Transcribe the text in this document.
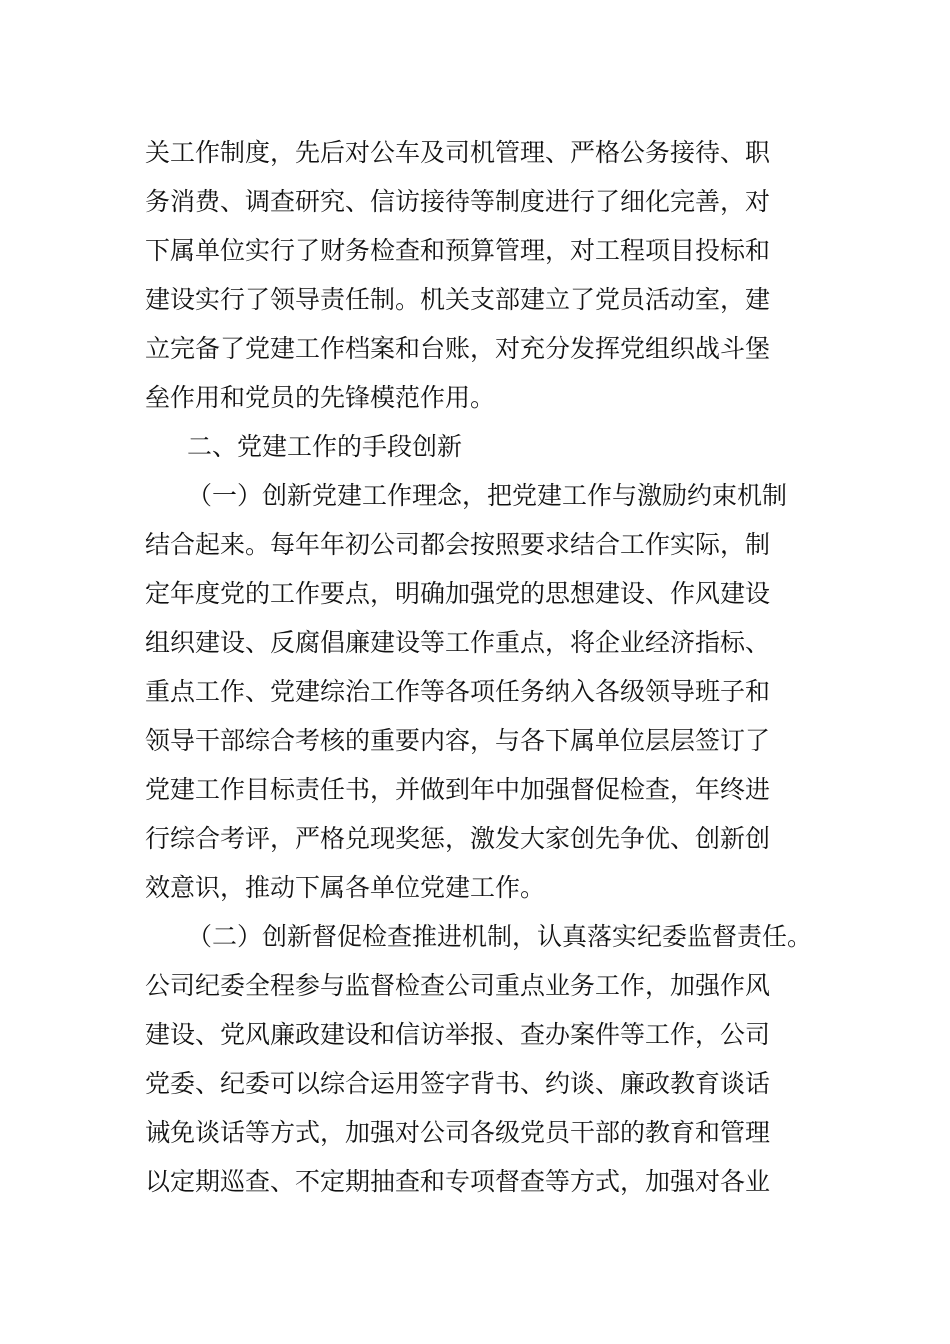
关工作制度，先后对公车及司机管理、严格公务接待、职
务消费、调查研究、信访接待等制度进行了细化完善，对
下属单位实行了财务检查和预算管理，对工程项目投标和
建设实行了领导责任制。机关支部建立了党员活动室，建
立完备了党建工作档案和台账，对充分发挥党组织战斗堡
垒作用和党员的先锋模范作用。
二、党建工作的手段创新
（一）创新党建工作理念，把党建工作与激励约束机制
结合起来。每年年初公司都会按照要求结合工作实际，制
定年度党的工作要点，明确加强党的思想建设、作风建设
组织建设、反腐倡廉建设等工作重点，将企业经济指标、
重点工作、党建综治工作等各项任务纳入各级领导班子和
领导干部综合考核的重要内容，与各下属单位层层签订了
党建工作目标责任书，并做到年中加强督促检查，年终进
行综合考评，严格兑现奖惩，激发大家创先争优、创新创
效意识，推动下属各单位党建工作。
（二）创新督促检查推进机制，认真落实纪委监督责任。
公司纪委全程参与监督检查公司重点业务工作，加强作风
建设、党风廉政建设和信访举报、查办案件等工作，公司
党委、纪委可以综合运用签字背书、约谈、廉政教育谈话
诫免谈话等方式，加强对公司各级党员干部的教育和管理
以定期巡查、不定期抽查和专项督查等方式，加强对各业
